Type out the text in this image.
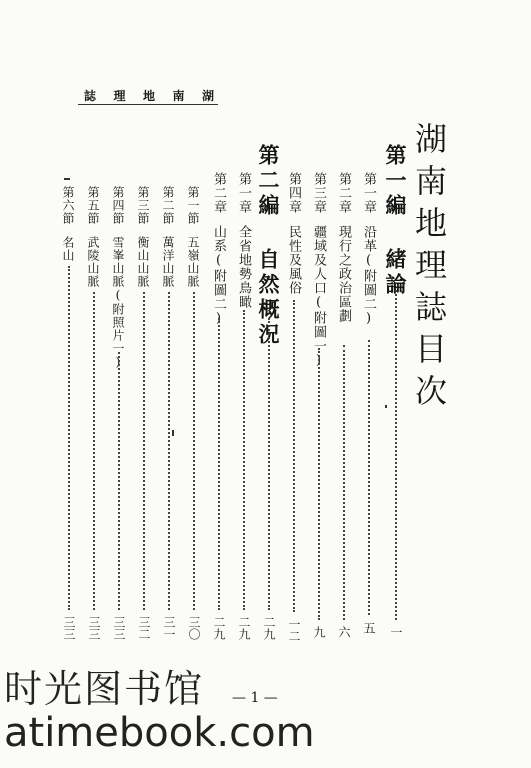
誌 理 地 南 湖
湖南地理誌目次
第一編 緒論
一
第一章
沿革(附圖二)
五
第二章
現行之政治區劃
六
第三章
疆域及人口(附圖一)
九
第四章
民性及風俗
一二
第二編 自然概況
二九
第一章
全省地勢鳥瞰
二九
第二章
山系(附圖二)
二九
第一節
五嶺山脈
三〇
第二節
萬洋山脈
三一
第三節
衡山山脈
三二
第四節
雪峯山脈(附照片一)
三三
第五節
武陵山脈
三三
第六節
名山
三三
— 1 —
时光图书馆
atimebook.com
